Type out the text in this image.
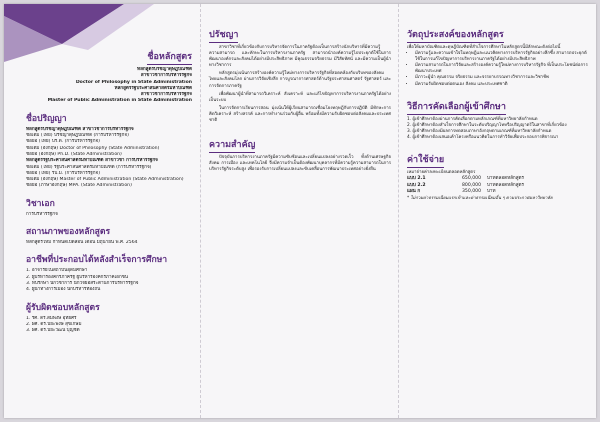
ชื่อหลักสูตร
หลักสูตรปรัชญาดุษฎีบัณฑิต
สาขาวิชาการบริหารรัฐกิจ
Doctor of Philosophy in State Administration
หลักสูตรรัฐประศาสนศาสตรมหาบัณฑิต
สาขาวิชาการบริหารรัฐกิจ
Master of Public Administration in State Administration
ชื่อปริญญา
หลักสูตรปรัชญาดุษฎีบัณฑิต สาขาวิชาการบริหารรัฐกิจ
ชื่อเต็ม (ไทย) ปรัชญาดุษฎีบัณฑิต (การบริหารรัฐกิจ)
ชื่อย่อ (ไทย) ปร.ด. (การบริหารรัฐกิจ)
ชื่อเต็ม (อังกฤษ) Doctor of Philosophy (State Administration)
ชื่อย่อ (อังกฤษ) Ph.D. (State Administration)
หลักสูตรรัฐประศาสนศาสตรมหาบัณฑิต สาขาวิชา การบริหารรัฐกิจ
ชื่อเต็ม (ไทย) รัฐประศาสนศาสตรมหาบัณฑิต (การบริหารรัฐกิจ)
ชื่อย่อ (ไทย) รป.ม. (การบริหารรัฐกิจ)
ชื่อเต็ม (อังกฤษ) Master of Public Administration (State Administration)
ชื่อย่อ (ภาษาอังกฤษ) MPA. (State Administration)
วิชาเอก
การบริหารรัฐกิจ
สถานภาพของหลักสูตร
หลักสูตรใหม่ กำหนดเปิดสอน เดือน มิถุนายน พ.ศ. 2564
อาชีพที่ประกอบได้หลังสำเร็จการศึกษา
1. อาจารย์ในสถาบันอุดมศึกษา
2. ผู้บริหารองค์กรภาครัฐ ผู้บริหารองค์กรภาคเอกชน
3. ที่ปรึกษา นักวิชาการ นักวิจัยอิสระด้านการบริหารรัฐกิจ
4. ผู้นำทางการเมือง นักบริหารท้องถิ่น
ผู้รับผิดชอบหลักสูตร
1. รศ. ดร.สมพงษ์ อุทัยศิริ
2. ผศ. ดร.ปิยะพงษ์ สุขเกษม
3. ผศ. ดร.ปิยะวัฒน์ บุญชิต
ปรัชญา

สาขาวิชาที่เกี่ยวข้องกับการบริหารจัดการในภาครัฐต้องเป็นการสร้างนักบริหารที่มีความรู้ ความสามารถ และทักษะในการบริหารงานภาครัฐ สามารถนำองค์ความรู้ไปประยุกต์ใช้ในการพัฒนาองค์กรและสังคมได้อย่างมีประสิทธิภาพ มีคุณธรรมจริยธรรม มีวิสัยทัศน์ และมีความเป็นผู้นำทางวิชาการ

หลักสูตรมุ่งเน้นการสร้างองค์ความรู้ใหม่ทางการบริหารรัฐกิจที่สอดคล้องกับบริบทของสังคมไทยและสังคมโลก ผ่านการวิจัยเชิงลึก การบูรณาการศาสตร์ด้านรัฐประศาสนศาสตร์ รัฐศาสตร์ และการจัดการภาครัฐ

เพื่อพัฒนาผู้นำที่สามารถวิเคราะห์ สังเคราะห์ และแก้ไขปัญหาการบริหารงานภาครัฐได้อย่างเป็นระบบ

ในการจัดการเรียนการสอน มุ่งเน้นให้ผู้เรียนสามารถเชื่อมโยงทฤษฎีกับการปฏิบัติ มีทักษะการคิดวิเคราะห์ สร้างสรรค์ และการทำงานร่วมกับผู้อื่น พร้อมทั้งมีความรับผิดชอบต่อสังคมและประเทศชาติ

ความสำคัญ

ปัจจุบันการบริหารงานภาครัฐมีความซับซ้อนและเปลี่ยนแปลงอย่างรวดเร็ว ทั้งด้านเศรษฐกิจ สังคม การเมือง และเทคโนโลยี จึงมีความจำเป็นต้องพัฒนาบุคลากรที่มีความรู้ความสามารถในการบริหารรัฐกิจระดับสูง เพื่อรองรับการเปลี่ยนแปลงและขับเคลื่อนการพัฒนาประเทศอย่างยั่งยืน

วัตถุประสงค์ของหลักสูตร
เพื่อให้มหาบัณฑิตและดุษฎีบัณฑิตที่สำเร็จการศึกษาในหลักสูตรนี้มีลักษณะดังต่อไปนี้
• มีความรู้และความเข้าใจในทฤษฎีและแนวคิดทางการบริหารรัฐกิจอย่างลึกซึ้ง สามารถประยุกต์ใช้ในการแก้ไขปัญหาการบริหารงานภาครัฐได้อย่างมีประสิทธิภาพ
• มีความสามารถในการวิจัยและสร้างองค์ความรู้ใหม่ทางการบริหารรัฐกิจ ที่เป็นประโยชน์ต่อการพัฒนาประเทศ
• มีภาวะผู้นำ คุณธรรม จริยธรรม และจรรยาบรรณทางวิชาการและวิชาชีพ
• มีความรับผิดชอบต่อตนเอง สังคม และประเทศชาติ
วิธีการคัดเลือกผู้เข้าศึกษา
1. ผู้เข้าศึกษาต้องผ่านการคัดเลือกตามหลักเกณฑ์ที่มหาวิทยาลัยกำหนด
2. ผู้เข้าศึกษาต้องสำเร็จการศึกษาในระดับปริญญาโทหรือปริญญาตรีในสาขาที่เกี่ยวข้อง
3. ผู้เข้าศึกษาต้องมีผลการทดสอบภาษาอังกฤษตามเกณฑ์ที่มหาวิทยาลัยกำหนด
4. ผู้เข้าศึกษาต้องเสนอเค้าโครงหรือแนวคิดในการทำวิจัยเพื่อประกอบการพิจารณา
ค่าใช้จ่าย
เหมาจ่ายค่าลงทะเบียนตลอดหลักสูตร
แบบ 2.1	650,000 บาทตลอดหลักสูตร
แบบ 2.2	800,000 บาทตลอดหลักสูตร
แผน ก	350,000 บาท
* ไม่รวมค่าธรรมเนียมแรกเข้าและค่าธรรมเนียมอื่น ๆ ตามประกาศมหาวิทยาลัย
